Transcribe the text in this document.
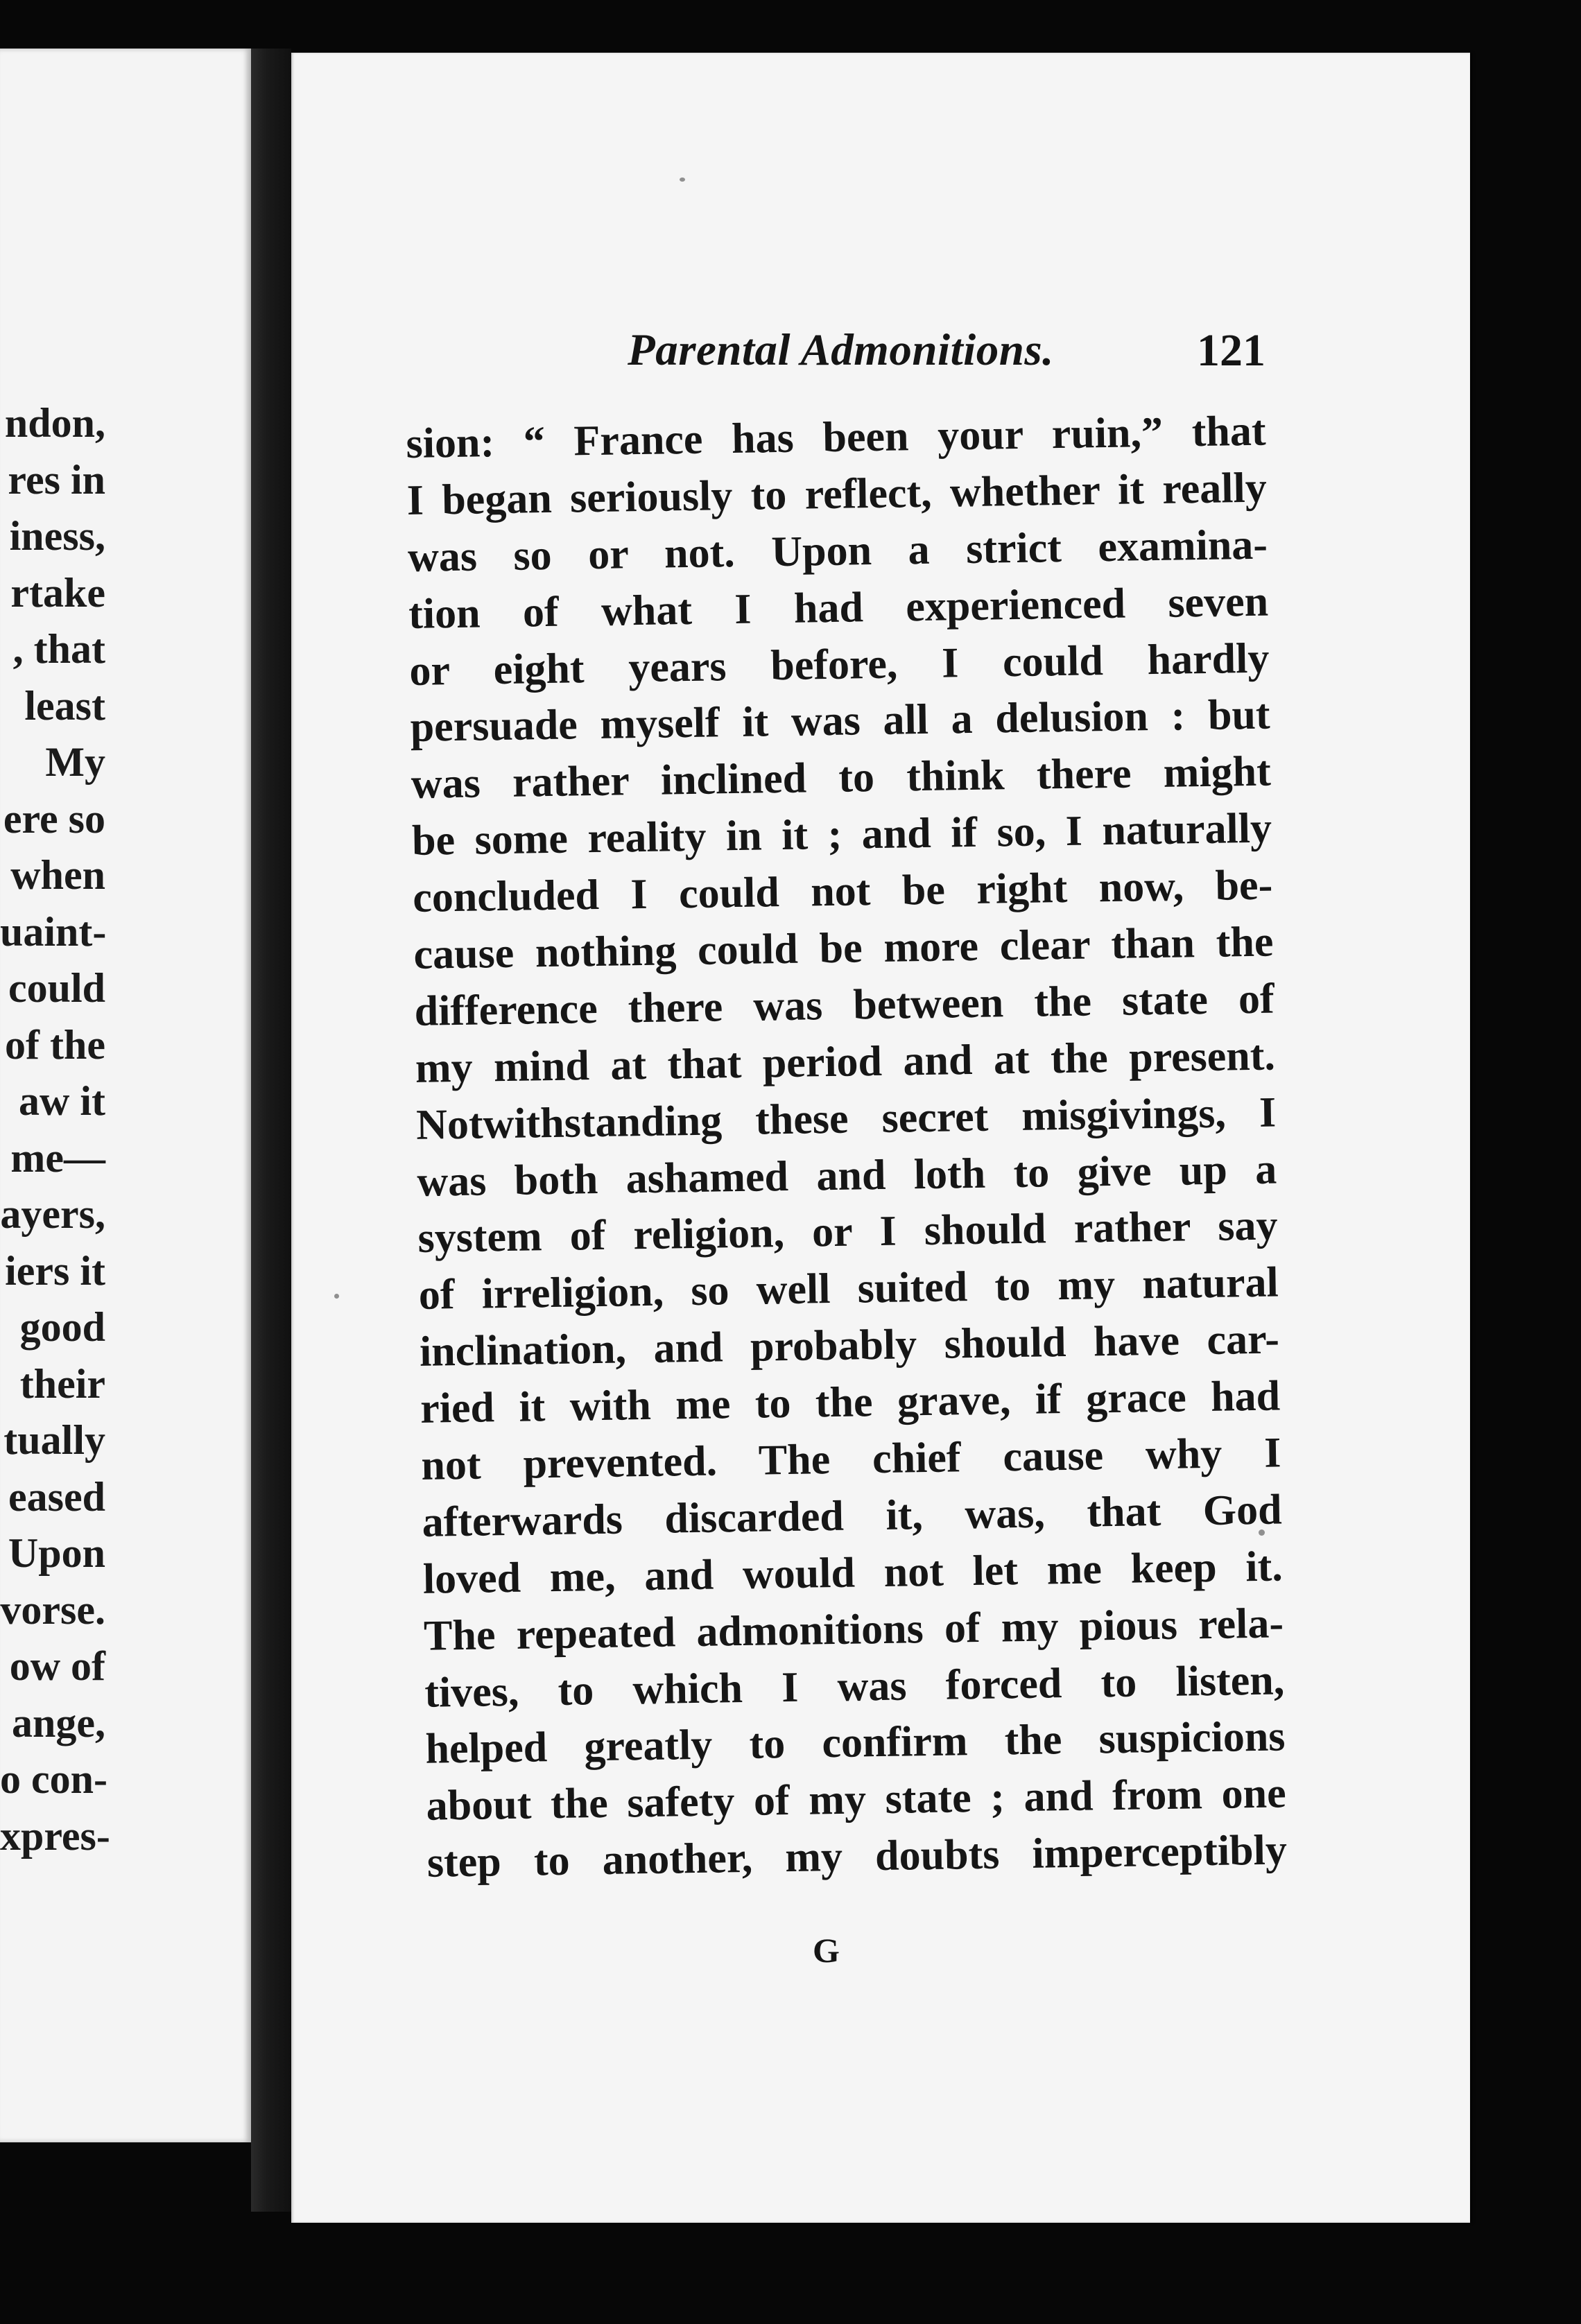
ndon,
res in
iness,
rtake
, that
least
My
ere so
when
uaint-
could
of the
aw it
me—
ayers,
iers it
good
their
tually
eased
Upon
vorse.
ow of
ange,
o con-
xpres-
Parental Admonitions.	121
sion: “ France has been your ruin,” that
I began seriously to reflect, whether it really
was so or not. Upon a strict examina-
tion of what I had experienced seven
or eight years before, I could hardly
persuade myself it was all a delusion : but
was rather inclined to think there might
be some reality in it ; and if so, I naturally
concluded I could not be right now, be-
cause nothing could be more clear than the
difference there was between the state of
my mind at that period and at the present.
Notwithstanding these secret misgivings, I
was both ashamed and loth to give up a
system of religion, or I should rather say
of irreligion, so well suited to my natural
inclination, and probably should have car-
ried it with me to the grave, if grace had
not prevented. The chief cause why I
afterwards discarded it, was, that God
loved me, and would not let me keep it.
The repeated admonitions of my pious rela-
tives, to which I was forced to listen,
helped greatly to confirm the suspicions
about the safety of my state ; and from one
step to another, my doubts imperceptibly
G
